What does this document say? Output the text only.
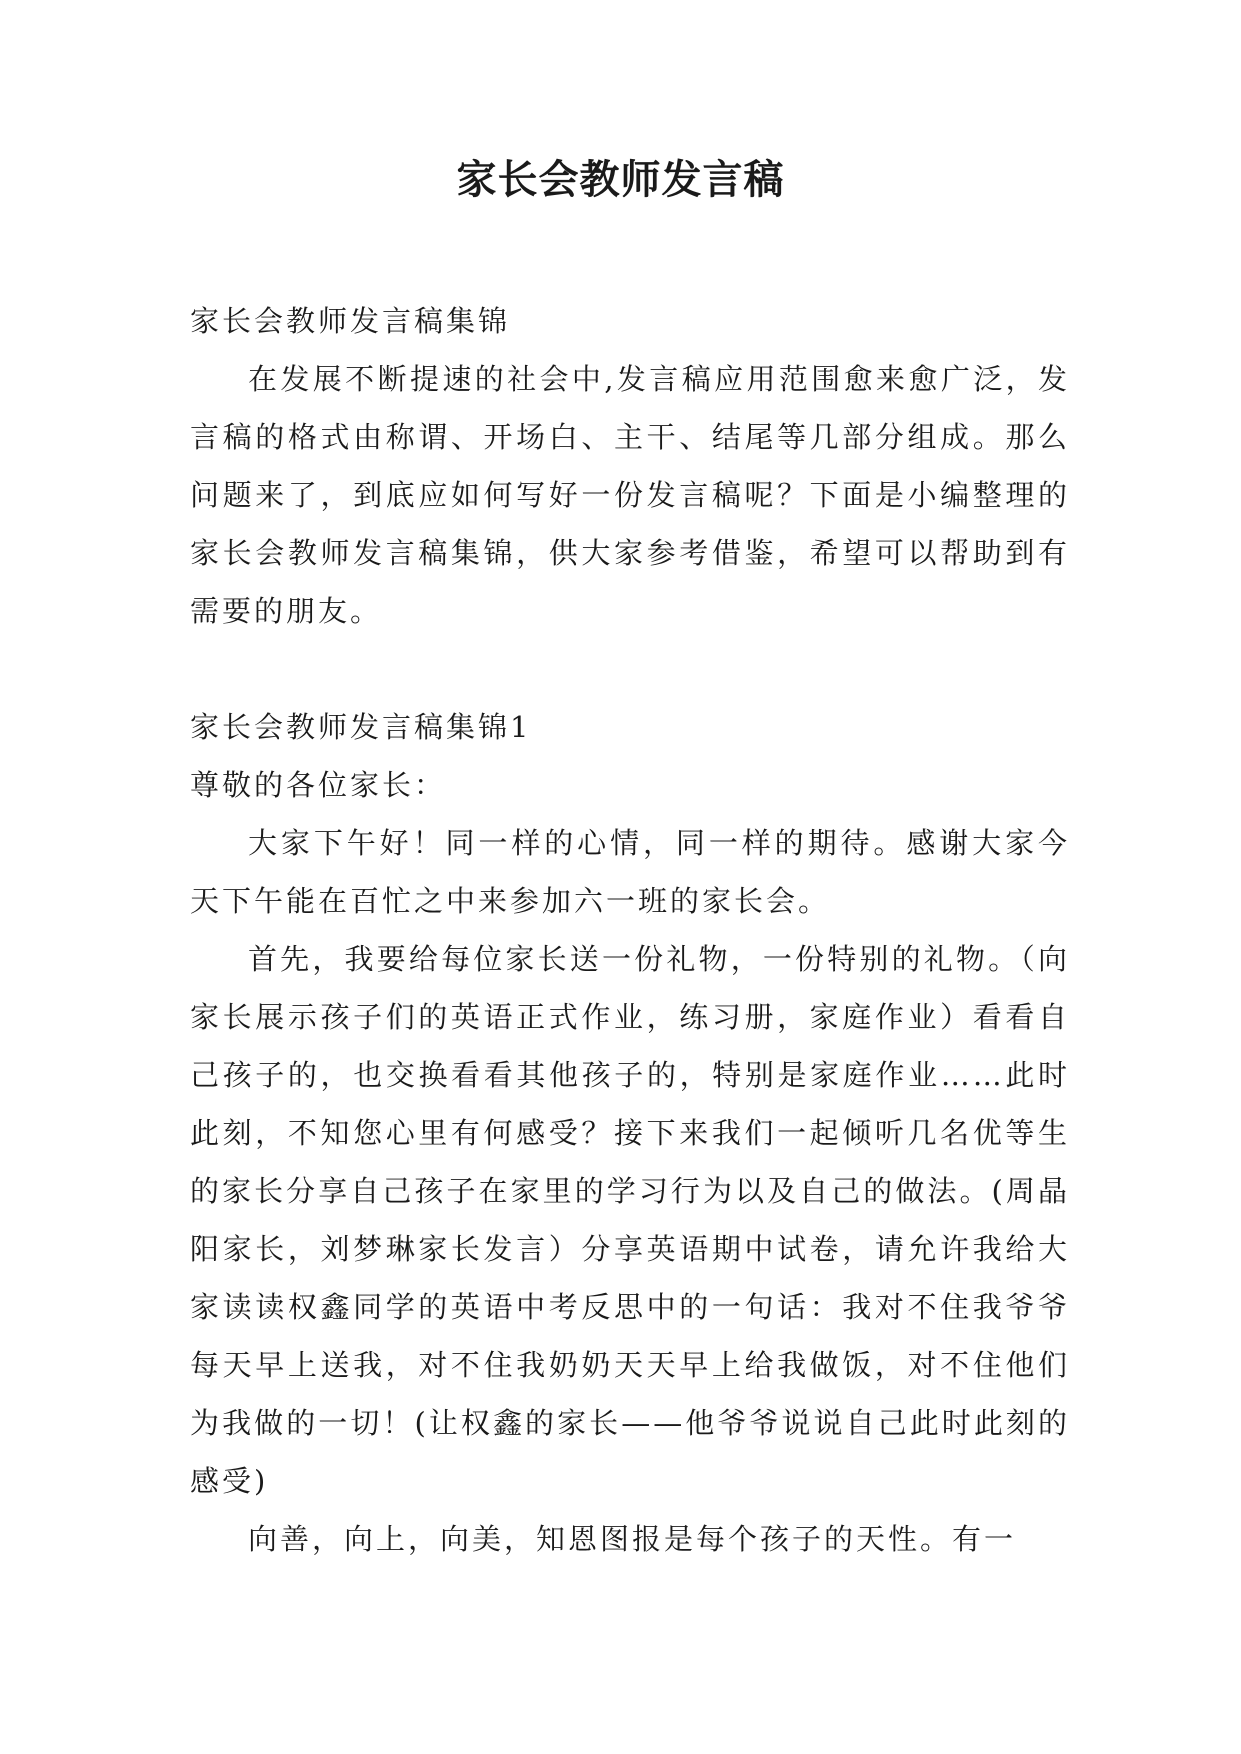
家长会教师发言稿

家长会教师发言稿集锦

在发展不断提速的社会中,发言稿应用范围愈来愈广泛，发言稿的格式由称谓、开场白、主干、结尾等几部分组成。那么问题来了，到底应如何写好一份发言稿呢？下面是小编整理的家长会教师发言稿集锦，供大家参考借鉴，希望可以帮助到有需要的朋友。

家长会教师发言稿集锦1

尊敬的各位家长：

大家下午好！同一样的心情，同一样的期待。感谢大家今天下午能在百忙之中来参加六一班的家长会。

首先，我要给每位家长送一份礼物，一份特别的礼物。（向家长展示孩子们的英语正式作业，练习册，家庭作业）看看自己孩子的，也交换看看其他孩子的，特别是家庭作业……此时此刻，不知您心里有何感受？接下来我们一起倾听几名优等生的家长分享自己孩子在家里的学习行为以及自己的做法。(周晶阳家长，刘梦琳家长发言）分享英语期中试卷，请允许我给大家读读权鑫同学的英语中考反思中的一句话：我对不住我爷爷每天早上送我，对不住我奶奶天天早上给我做饭，对不住他们为我做的一切！(让权鑫的家长——他爷爷说说自己此时此刻的感受)

向善，向上，向美，知恩图报是每个孩子的天性。有一
